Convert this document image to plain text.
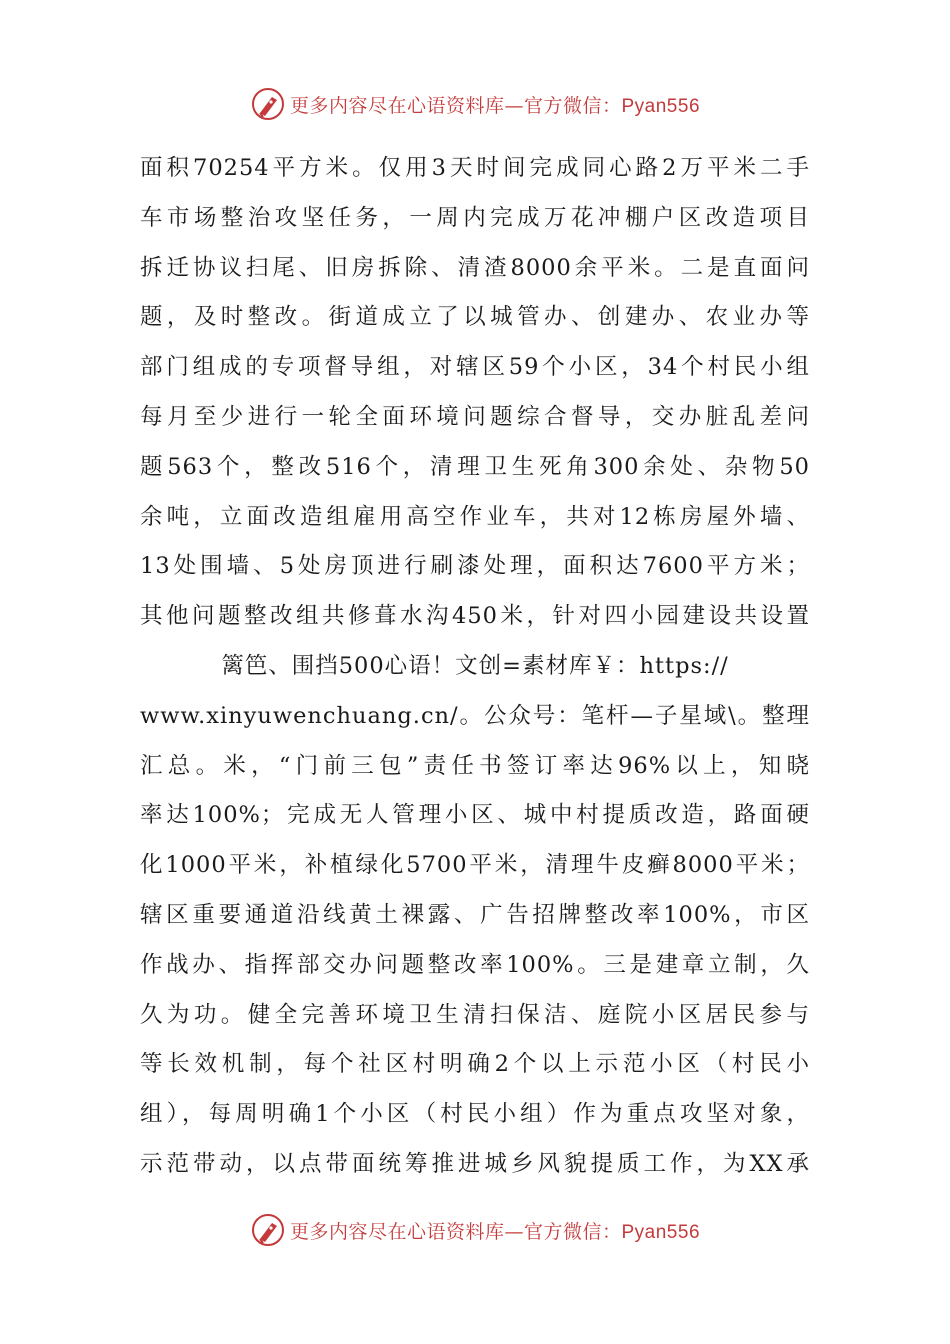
更多内容尽在心语资料库—官方微信：Pyan556
面积70254平方米。仅用3天时间完成同心路2万平米二手
车市场整治攻坚任务，一周内完成万花冲棚户区改造项目
拆迁协议扫尾、旧房拆除、清渣8000余平米。二是直面问
题，及时整改。街道成立了以城管办、创建办、农业办等
部门组成的专项督导组，对辖区59个小区，34个村民小组
每月至少进行一轮全面环境问题综合督导，交办脏乱差问
题563个，整改516个，清理卫生死角300余处、杂物50
余吨，立面改造组雇用高空作业车，共对12栋房屋外墙、
13处围墙、5处房顶进行刷漆处理，面积达7600平方米；
其他问题整改组共修葺水沟450米，针对四小园建设共设置
篱笆、围挡500心语！文创=素材库￥：https://
www.xinyuwenchuang.cn/。公众号：笔杆—子星域\。整理
汇总。米，“门前三包”责任书签订率达96%以上，知晓
率达100%；完成无人管理小区、城中村提质改造，路面硬
化1000平米，补植绿化5700平米，清理牛皮癣8000平米；
辖区重要通道沿线黄土裸露、广告招牌整改率100%，市区
作战办、指挥部交办问题整改率100%。三是建章立制，久
久为功。健全完善环境卫生清扫保洁、庭院小区居民参与
等长效机制，每个社区村明确2个以上示范小区（村民小
组），每周明确1个小区（村民小组）作为重点攻坚对象，
示范带动，以点带面统筹推进城乡风貌提质工作，为XX承
更多内容尽在心语资料库—官方微信：Pyan556
